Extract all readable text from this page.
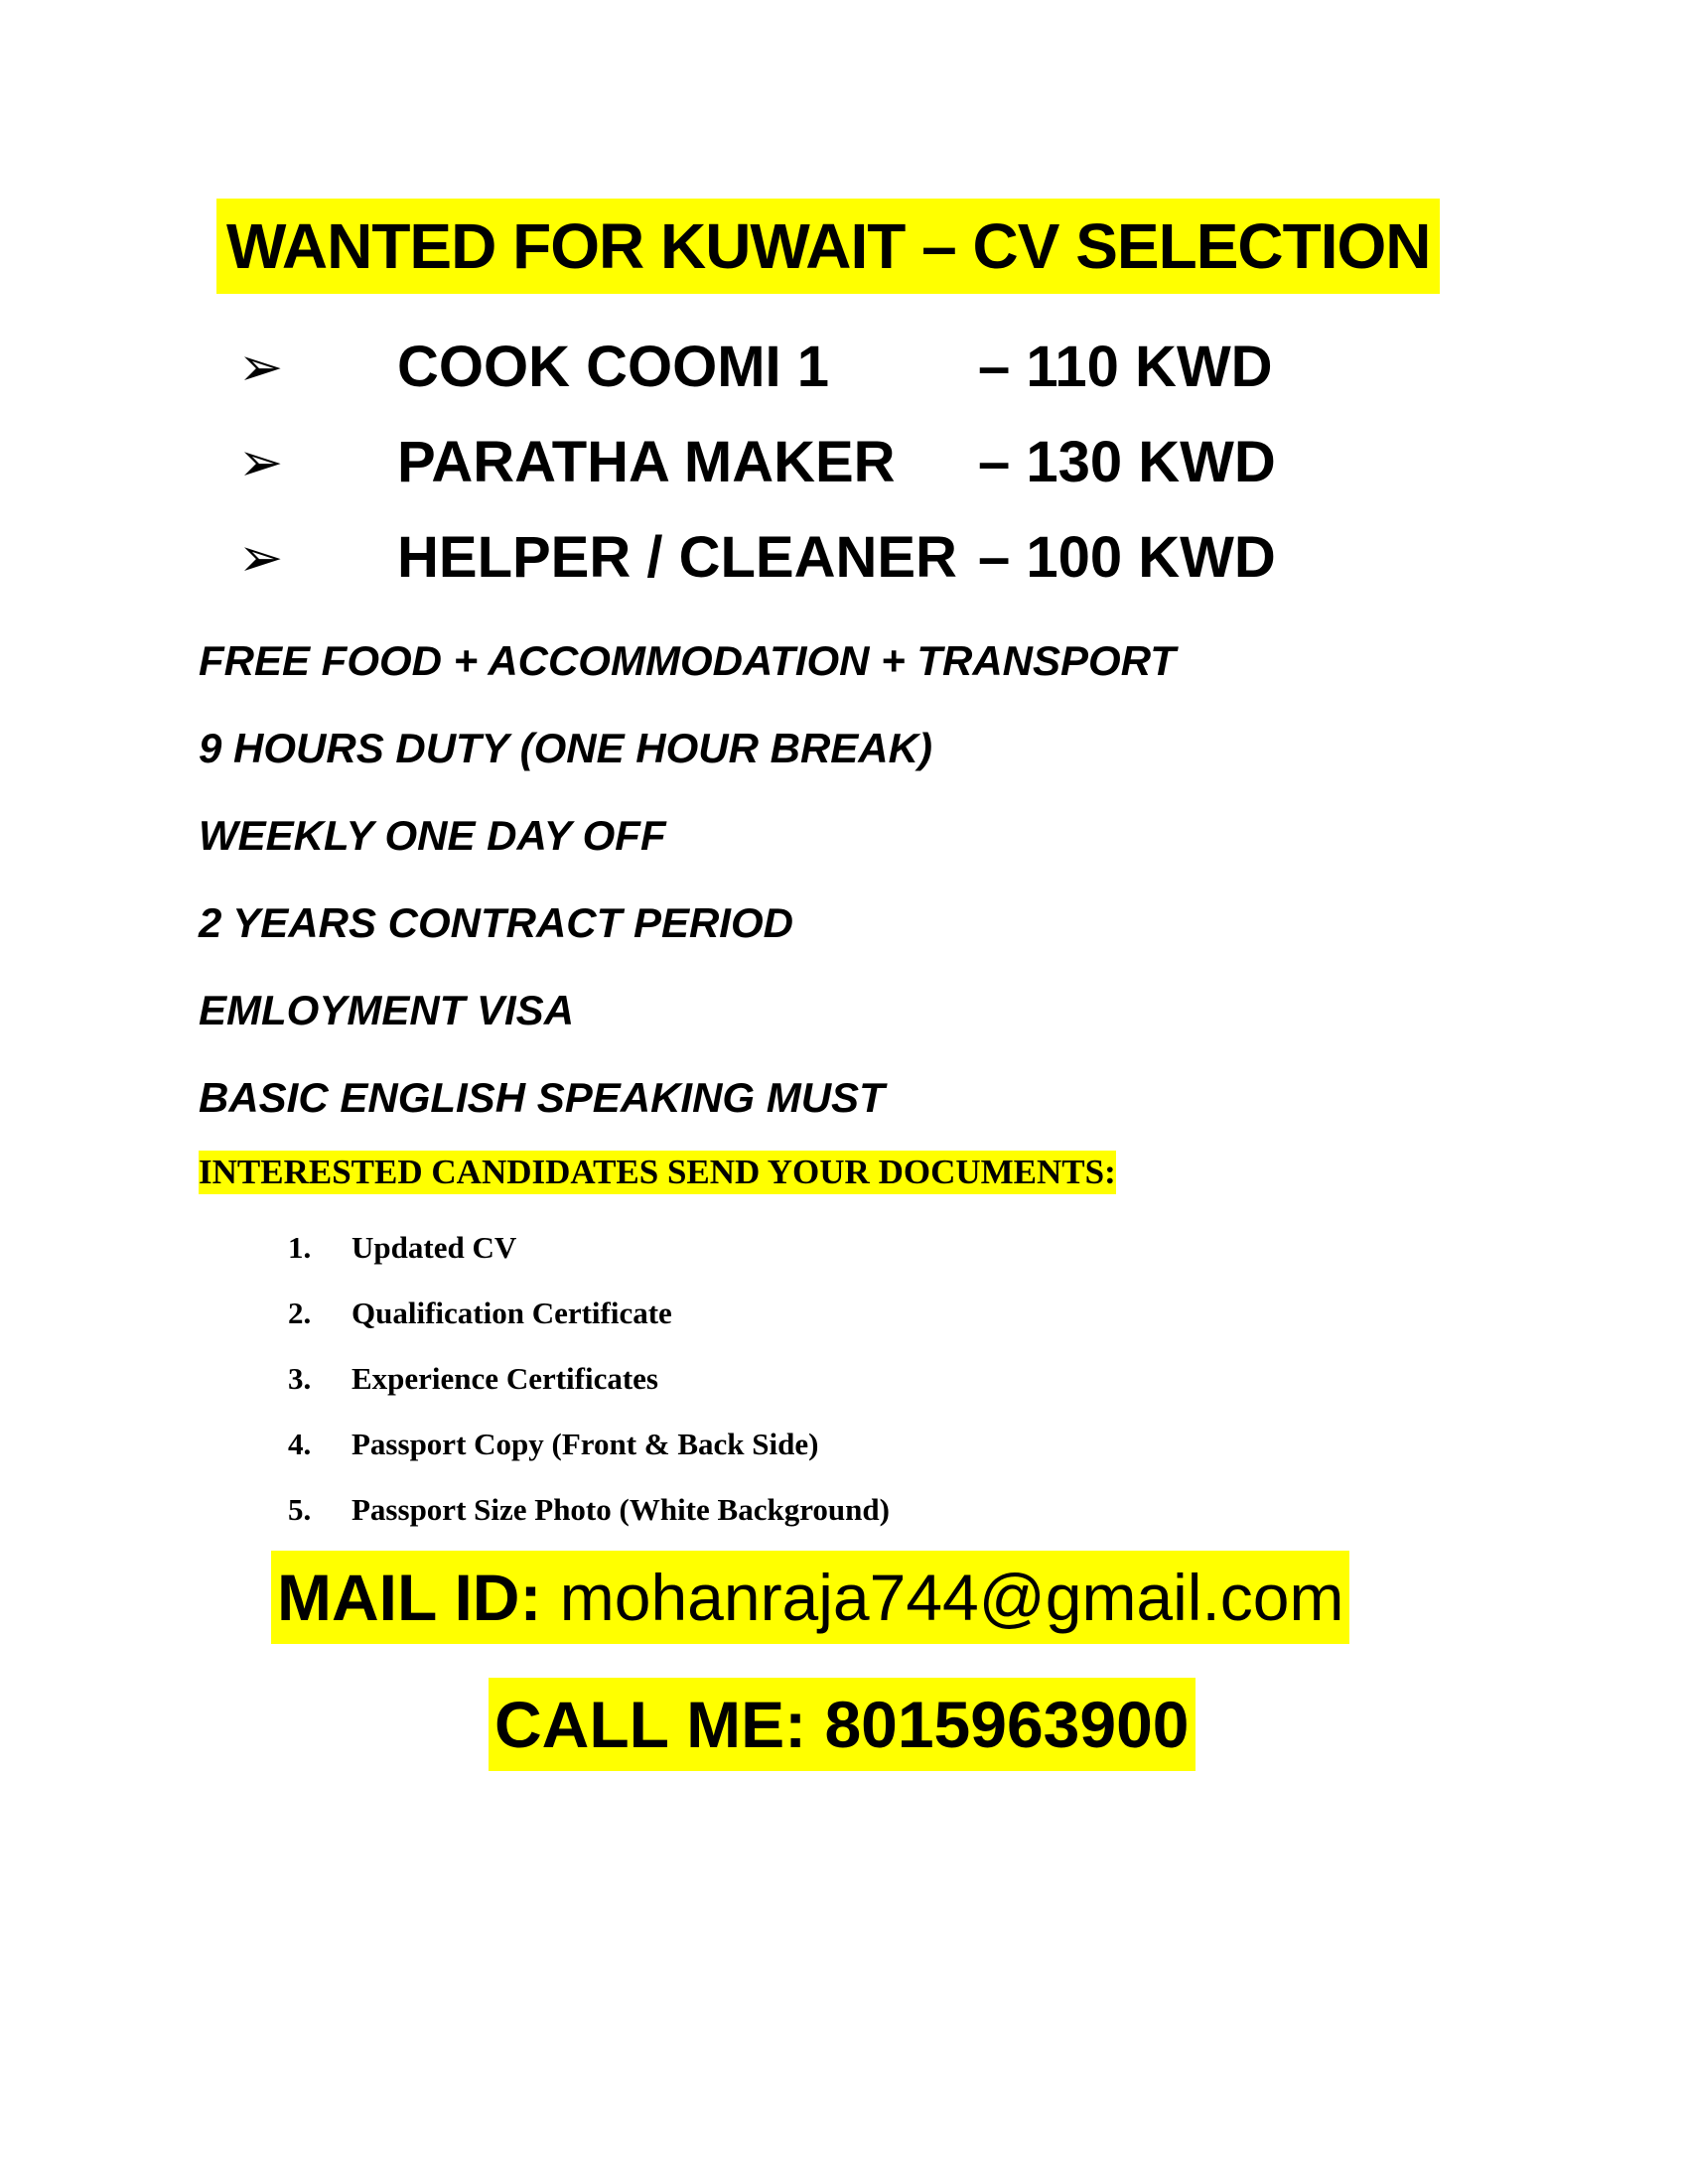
WANTED FOR KUWAIT – CV SELECTION
➢	COOK COOMI 1	– 110 KWD
➢	PARATHA MAKER – 130 KWD
➢	HELPER / CLEANER – 100 KWD
FREE FOOD + ACCOMMODATION + TRANSPORT
9 HOURS DUTY (ONE HOUR BREAK)
WEEKLY ONE DAY OFF
2 YEARS CONTRACT PERIOD
EMLOYMENT VISA
BASIC ENGLISH SPEAKING MUST
INTERESTED CANDIDATES SEND YOUR DOCUMENTS:
1. Updated CV
2. Qualification Certificate
3. Experience Certificates
4. Passport Copy (Front & Back Side)
5. Passport Size Photo (White Background)
MAIL ID: mohanraja744@gmail.com
CALL ME: 8015963900
